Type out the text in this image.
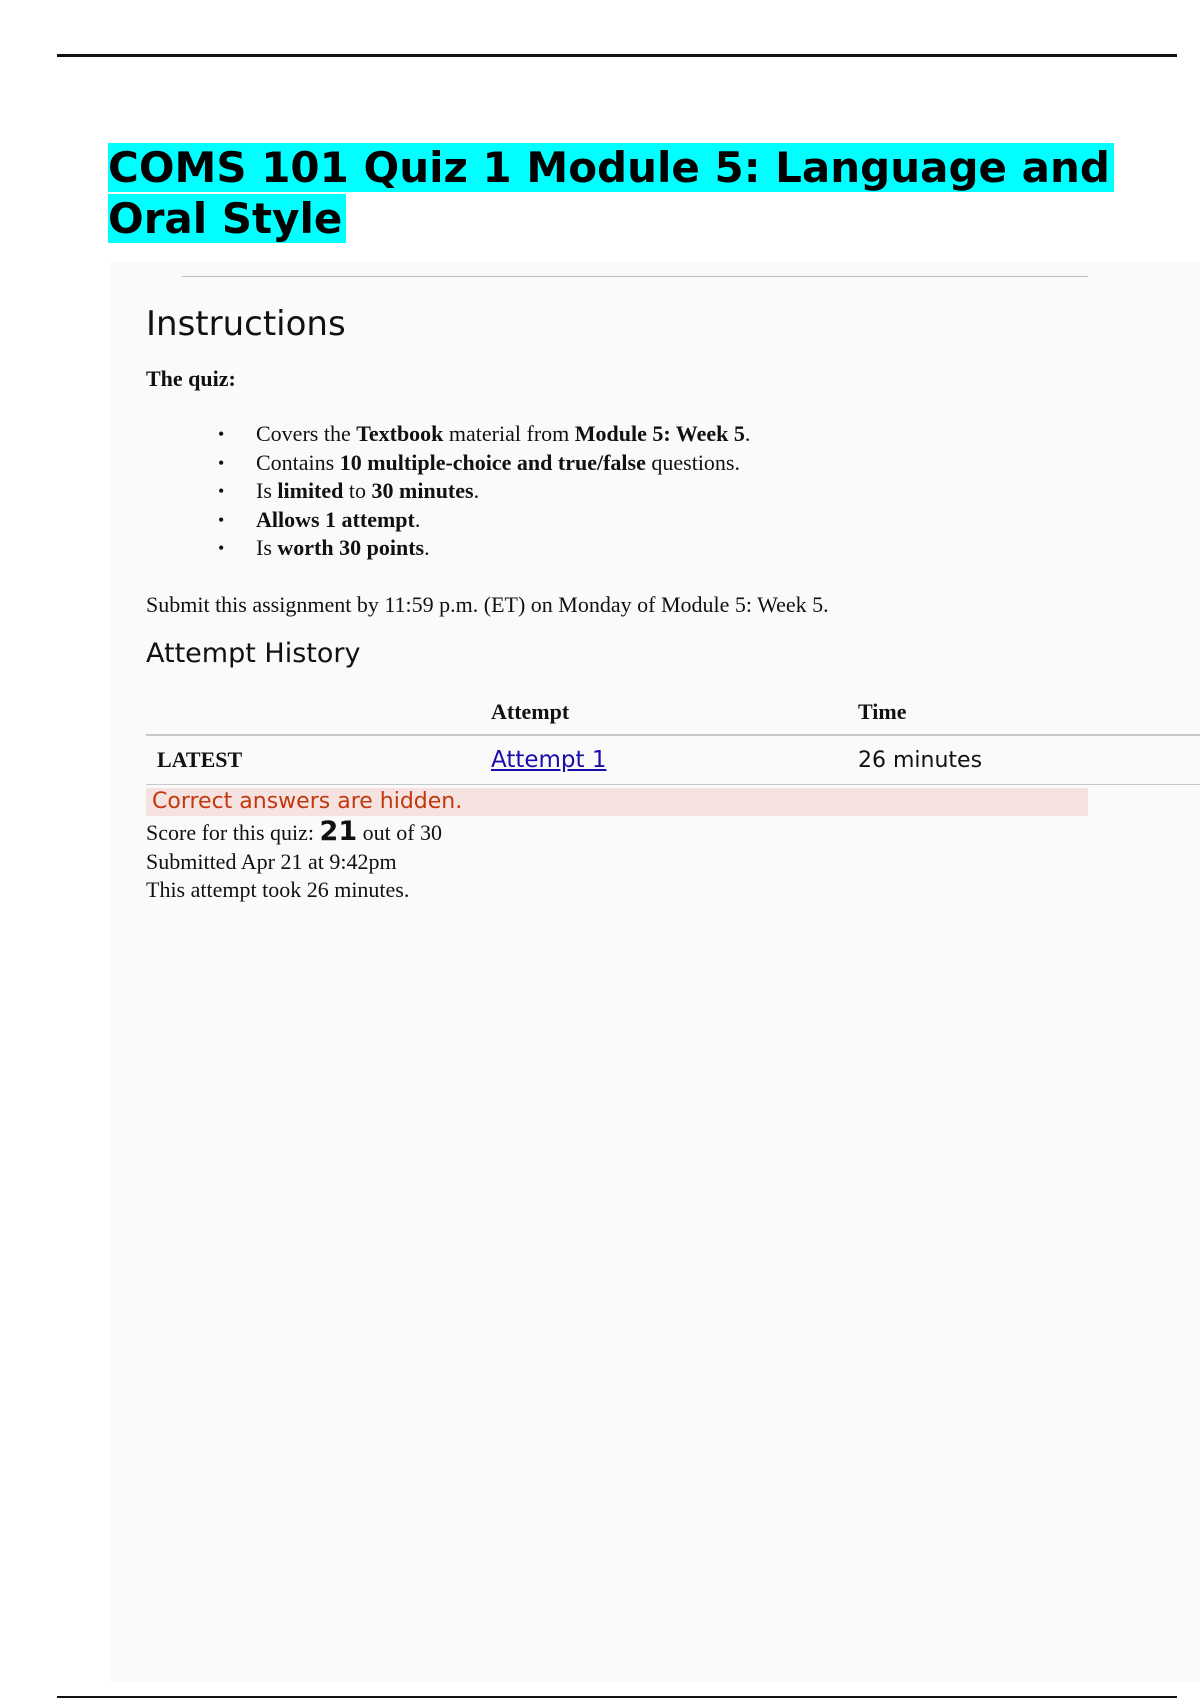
COMS 101 Quiz 1 Module 5: Language and Oral Style
Instructions
The quiz:
• Covers the Textbook material from Module 5: Week 5.
• Contains 10 multiple-choice and true/false questions.
• Is limited to 30 minutes.
• Allows 1 attempt.
• Is worth 30 points.
Submit this assignment by 11:59 p.m. (ET) on Monday of Module 5: Week 5.
Attempt History
	Attempt	Time
LATEST	Attempt 1	26 minutes
Correct answers are hidden.
Score for this quiz: 21 out of 30
Submitted Apr 21 at 9:42pm
This attempt took 26 minutes.
